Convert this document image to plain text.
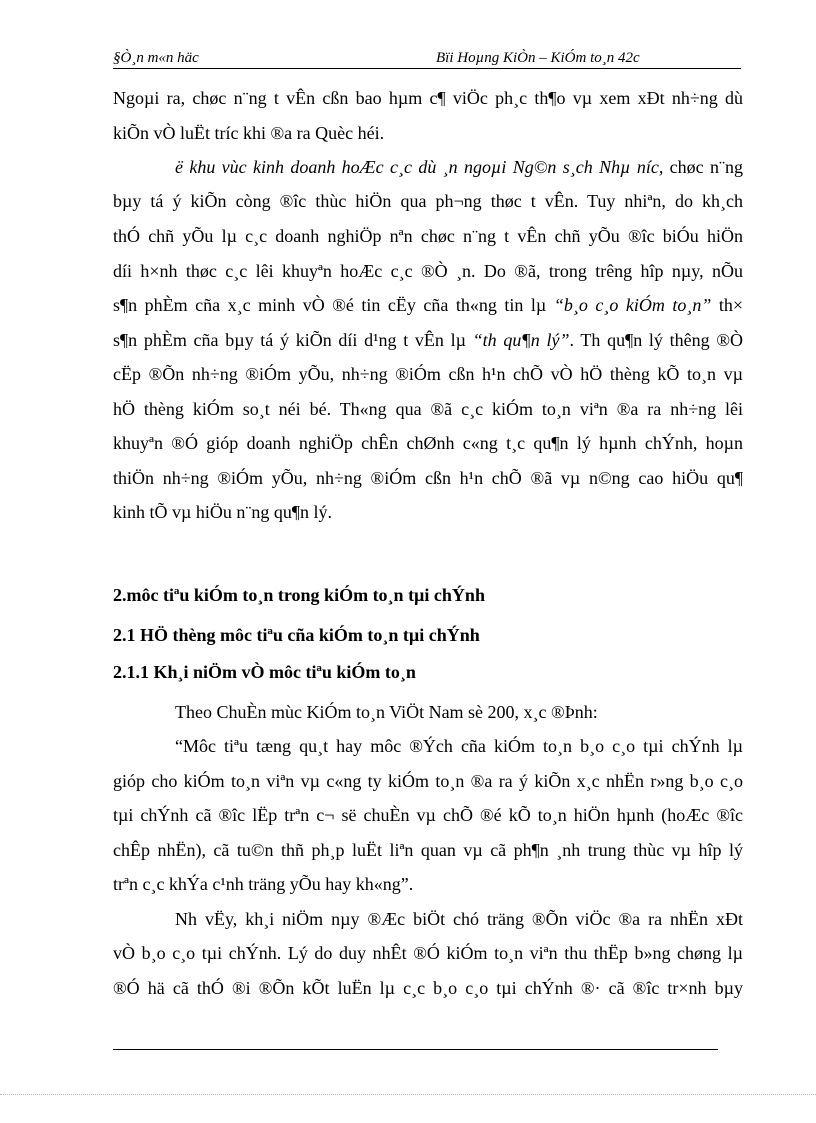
§Ò¸n m«n häc	Bïi Hoµng KiÒn – KiÓm to¸n 42c
Ngoµi ra, chøc n¨ng t vÊn cßn bao hµm c¶ viÖc ph¸c th¶o vµ xem xÐt nh÷ng dù
kiÕn vÒ luËt tríc khi ®a ra Quèc héi.
ë khu vùc kinh doanh hoÆc c¸c dù ¸n ngoµi Ng©n s¸ch Nhµ níc, chøc n¨ng
bµy tá ý kiÕn còng ®îc thùc hiÖn qua ph¬ng thøc t vÊn. Tuy nhiªn, do kh¸ch
thÓ chñ yÕu lµ c¸c doanh nghiÖp nªn chøc n¨ng t vÊn chñ yÕu ®îc biÓu hiÖn
díi h×nh thøc c¸c lêi khuyªn hoÆc c¸c ®Ò ¸n. Do ®ã, trong trêng hîp nµy, nÕu
s¶n phÈm cña x¸c minh vÒ ®é tin cËy cña th«ng tin lµ “b¸o c¸o kiÓm to¸n” th×
s¶n phÈm cña bµy tá ý kiÕn díi d¹ng t vÊn lµ “th qu¶n lý”. Th qu¶n lý thêng ®Ò
cËp ®Õn nh÷ng ®iÓm yÕu, nh÷ng ®iÓm cßn h¹n chÕ vÒ hÖ thèng kÕ to¸n vµ
hÖ thèng kiÓm so¸t néi bé. Th«ng qua ®ã c¸c kiÓm to¸n viªn ®a ra nh÷ng lêi
khuyªn ®Ó gióp doanh nghiÖp chÊn chØnh c«ng t¸c qu¶n lý hµnh chÝnh, hoµn
thiÖn nh÷ng ®iÓm yÕu, nh÷ng ®iÓm cßn h¹n chÕ ®ã vµ n©ng cao hiÖu qu¶
kinh tÕ vµ hiÖu n¨ng qu¶n lý.
2.môc tiªu kiÓm to¸n trong kiÓm to¸n tµi chÝnh
2.1 HÖ thèng môc tiªu cña kiÓm to¸n tµi chÝnh
2.1.1 Kh¸i niÖm vÒ môc tiªu kiÓm to¸n
Theo ChuÈn mùc KiÓm to¸n ViÖt Nam sè 200, x¸c ®Þnh:
“Môc tiªu tæng qu¸t hay môc ®Ých cña kiÓm to¸n b¸o c¸o tµi chÝnh lµ
gióp cho kiÓm to¸n viªn vµ c«ng ty kiÓm to¸n ®a ra ý kiÕn x¸c nhËn r»ng b¸o c¸o
tµi chÝnh cã ®îc lËp trªn c¬ së chuÈn vµ chÕ ®é kÕ to¸n hiÖn hµnh (hoÆc ®îc
chÊp nhËn), cã tu©n thñ ph¸p luËt liªn quan vµ cã ph¶n ¸nh trung thùc vµ hîp lý
trªn c¸c khÝa c¹nh träng yÕu hay kh«ng”.
Nh vËy, kh¸i niÖm nµy ®Æc biÖt chó träng ®Õn viÖc ®a ra nhËn xÐt
vÒ b¸o c¸o tµi chÝnh. Lý do duy nhÊt ®Ó kiÓm to¸n viªn thu thËp b»ng chøng lµ
®Ó hä cã thÓ ®i ®Õn kÕt luËn lµ c¸c b¸o c¸o tµi chÝnh ®· cã ®îc tr×nh bµy
